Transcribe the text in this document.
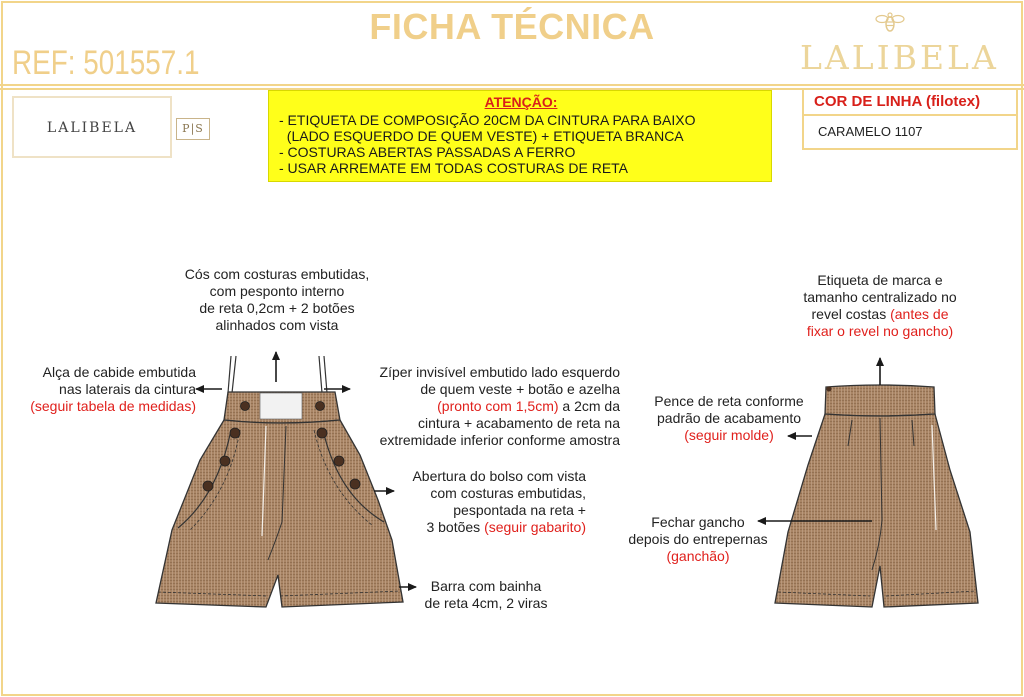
FICHA TÉCNICA
REF: 501557.1	LALIBELA
LALIBELA	P|S
ATENÇÃO:
- ETIQUETA DE COMPOSIÇÃO 20CM DA CINTURA PARA BAIXO
(LADO ESQUERDO DE QUEM VESTE) + ETIQUETA BRANCA
- COSTURAS ABERTAS PASSADAS A FERRO
- USAR ARREMATE EM TODAS COSTURAS DE RETA
COR DE LINHA (filotex)
CARAMELO 1107
Cós com costuras embutidas,
com pesponto interno
de reta 0,2cm + 2 botões
alinhados com vista
Alça de cabide embutida
nas laterais da cintura
(seguir tabela de medidas)
Zíper invisível embutido lado esquerdo
de quem veste + botão e azelha
(pronto com 1,5cm) a 2cm da
cintura + acabamento de reta na
extremidade inferior conforme amostra
Abertura do bolso com vista
com costuras embutidas,
pespontada na reta +
3 botões (seguir gabarito)
Barra com bainha
de reta 4cm, 2 viras
Etiqueta de marca e
tamanho centralizado no
revel costas (antes de
fixar o revel no gancho)
Pence de reta conforme
padrão de acabamento
(seguir molde)
Fechar gancho
depois do entrepernas
(ganchão)
